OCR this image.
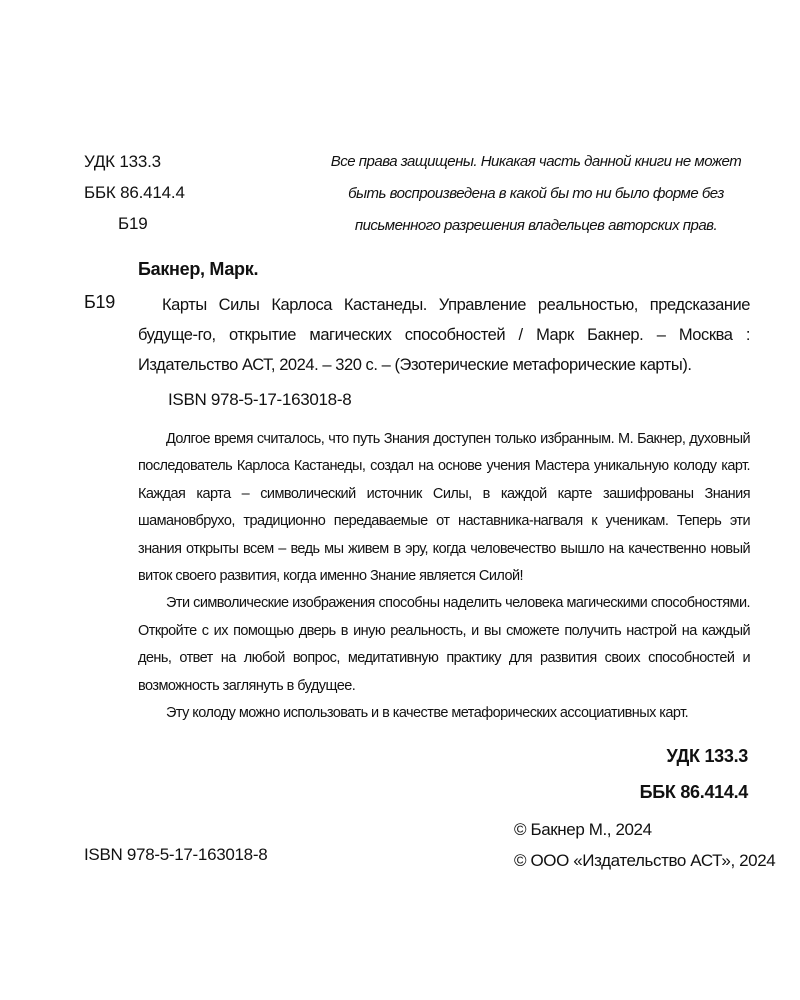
УДК 133.3
ББК 86.414.4
Б19
Все права защищены. Никакая часть данной книги не может быть воспроизведена в какой бы то ни было форме без письменного разрешения владельцев авторских прав.
Бакнер, Марк.
Б19	Карты Силы Карлоса Кастанеды. Управление реальностью, предсказание будуще-го, открытие магических способностей / Марк Бакнер. – Москва : Издательство АСТ, 2024. – 320 с. – (Эзотерические метафорические карты).
ISBN 978-5-17-163018-8

Долгое время считалось, что путь Знания доступен только избранным. М. Бакнер, духовный последователь Карлоса Кастанеды, создал на основе учения Мастера уникальную колоду карт. Каждая карта – символический источник Силы, в каждой карте зашифрованы Знания шамановбрухо, традиционно передаваемые от наставника-нагваля к ученикам. Теперь эти знания открыты всем – ведь мы живем в эру, когда человечество вышло на качественно новый виток своего развития, когда именно Знание является Силой!

Эти символические изображения способны наделить человека магическими способностями. Откройте с их помощью дверь в иную реальность, и вы сможете получить настрой на каждый день, ответ на любой вопрос, медитативную практику для развития своих способностей и возможность заглянуть в будущее.

Эту колоду можно использовать и в качестве метафорических ассоциативных карт.

УДК 133.3
ББК 86.414.4
© Бакнер М., 2024
© ООО «Издательство АСТ», 2024
ISBN 978-5-17-163018-8
